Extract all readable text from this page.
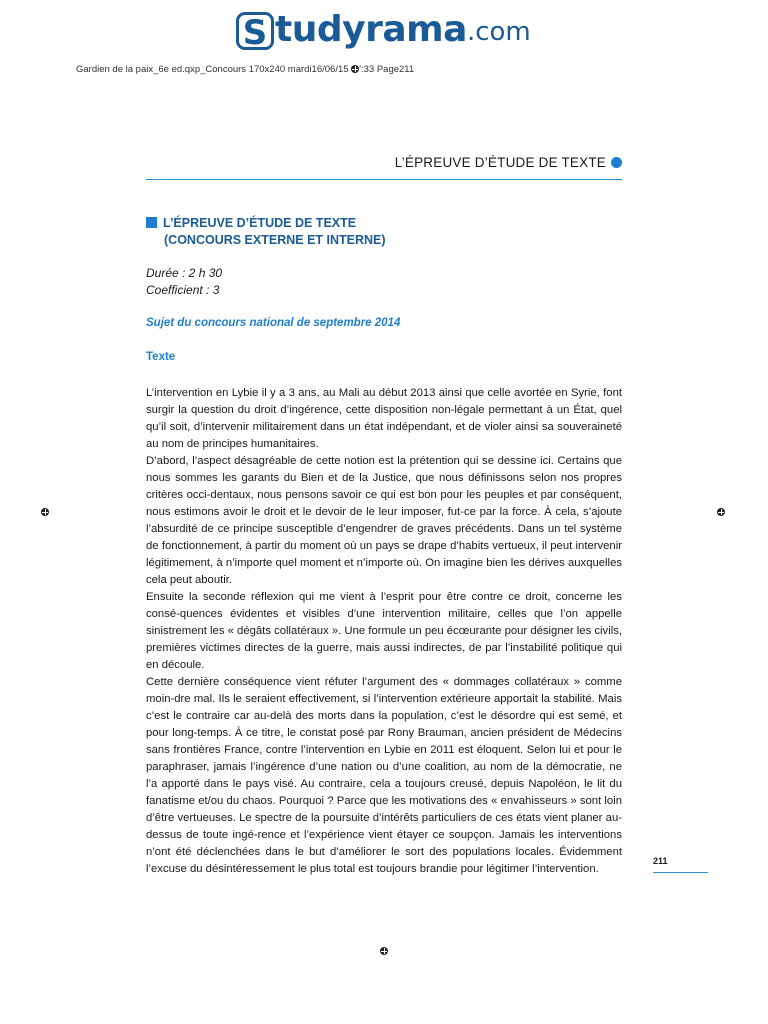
S tudyrama .com
Gardien de la paix_6e ed.qxp_Concours 170x240 mardi16/06/15 ':33 Page211
L’ÉPREUVE D’ÉTUDE DE TEXTE
L’ÉPREUVE D’ÉTUDE DE TEXTE
(CONCOURS EXTERNE ET INTERNE)
Durée : 2 h 30
Coefficient : 3
Sujet du concours national de septembre 2014
Texte

L’intervention en Lybie il y a 3 ans, au Mali au début 2013 ainsi que celle avortée en Syrie, font surgir la question du droit d’ingérence, cette disposition non-légale permettant à un État, quel qu’il soit, d’intervenir militairement dans un état indépendant, et de violer ainsi sa souveraineté au nom de principes humanitaires.

D’abord, l’aspect désagréable de cette notion est la prétention qui se dessine ici. Certains que nous sommes les garants du Bien et de la Justice, que nous définissons selon nos propres critères occi-dentaux, nous pensons savoir ce qui est bon pour les peuples et par conséquent, nous estimons avoir le droit et le devoir de le leur imposer, fut-ce par la force. À cela, s’ajoute l’absurdité de ce principe susceptible d’engendrer de graves précédents. Dans un tel système de fonctionnement, à partir du moment où un pays se drape d’habits vertueux, il peut intervenir légitimement, à n’importe quel moment et n’importe où. On imagine bien les dérives auxquelles cela peut aboutir.

Ensuite la seconde réflexion qui me vient à l’esprit pour être contre ce droit, concerne les consé-quences évidentes et visibles d’une intervention militaire, celles que l’on appelle sinistrement les « dégâts collatéraux ». Une formule un peu écœurante pour désigner les civils, premières victimes directes de la guerre, mais aussi indirectes, de par l’instabilité politique qui en découle.

Cette dernière conséquence vient réfuter l’argument des « dommages collatéraux » comme moin-dre mal. Ils le seraient effectivement, si l’intervention extérieure apportait la stabilité. Mais c’est le contraire car au-delà des morts dans la population, c’est le désordre qui est semé, et pour long-temps. À ce titre, le constat posé par Rony Brauman, ancien président de Médecins sans frontières France, contre l’intervention en Lybie en 2011 est éloquent. Selon lui et pour le paraphraser, jamais l’ingérence d’une nation ou d’une coalition, au nom de la démocratie, ne l’a apporté dans le pays visé. Au contraire, cela a toujours creusé, depuis Napoléon, le lit du fanatisme et/ou du chaos. Pourquoi ? Parce que les motivations des « envahisseurs » sont loin d’être vertueuses. Le spectre de la poursuite d’intérêts particuliers de ces états vient planer au-dessus de toute ingé-rence et l’expérience vient étayer ce soupçon. Jamais les interventions n’ont été déclenchées dans le but d’améliorer le sort des populations locales. Évidemment l’excuse du désintéressement le plus total est toujours brandie pour légitimer l’intervention.

211
